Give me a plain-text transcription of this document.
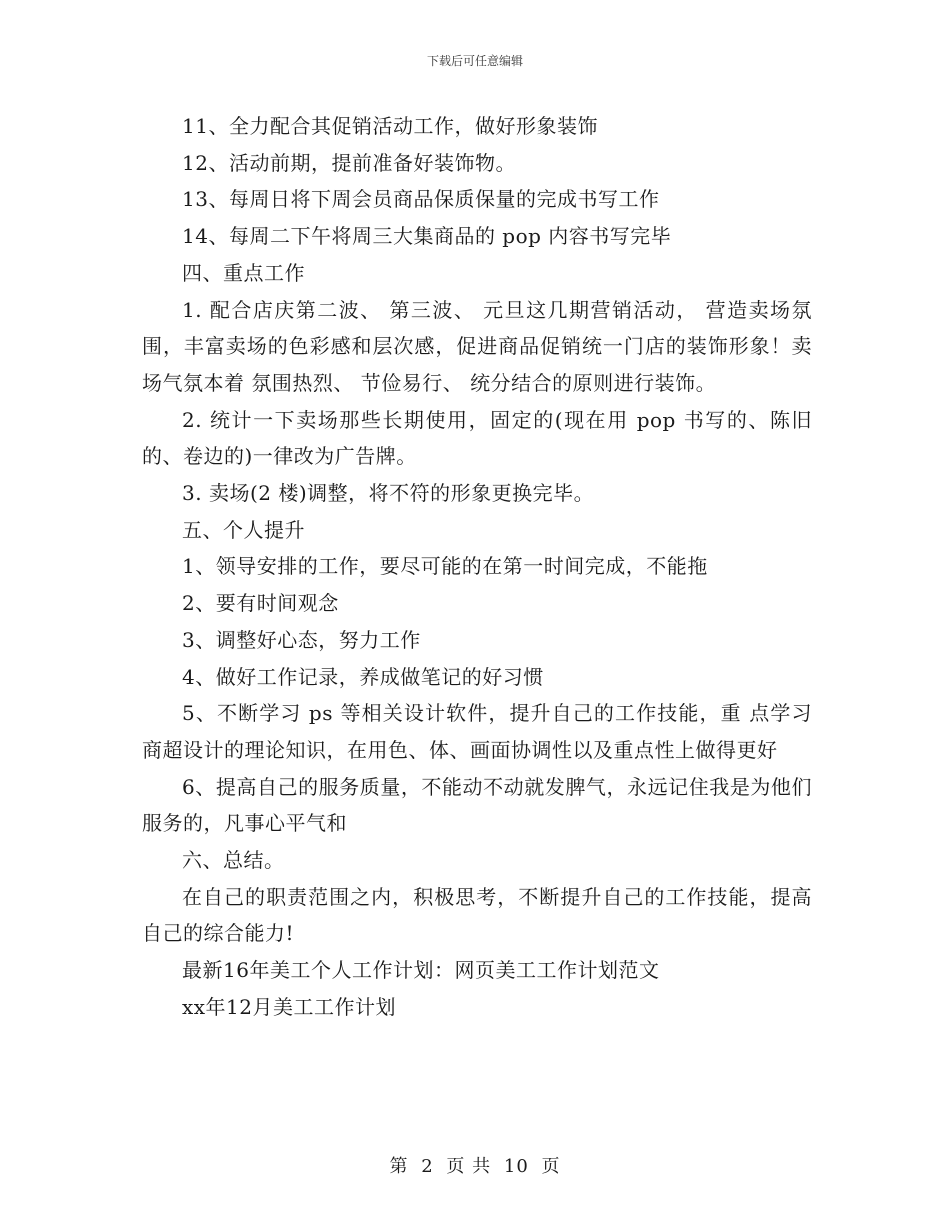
下载后可任意编辑

11、全力配合其促销活动工作，做好形象装饰

12、活动前期，提前准备好装饰物。

13、每周日将下周会员商品保质保量的完成书写工作

14、每周二下午将周三大集商品的 pop 内容书写完毕

四、重点工作

1. 配合店庆第二波、 第三波、 元旦这几期营销活动， 营造卖场氛围，丰富卖场的色彩感和层次感，促进商品促销统一门店的装饰形象！卖场气氛本着 氛围热烈、 节俭易行、 统分结合的原则进行装饰。

2. 统计一下卖场那些长期使用，固定的(现在用 pop 书写的、陈旧的、卷边的)一律改为广告牌。

3. 卖场(2 楼)调整，将不符的形象更换完毕。

五、个人提升

1、领导安排的工作，要尽可能的在第一时间完成，不能拖

2、要有时间观念

3、调整好心态，努力工作

4、做好工作记录，养成做笔记的好习惯

5、不断学习 ps 等相关设计软件，提升自己的工作技能，重 点学习商超设计的理论知识，在用色、体、画面协调性以及重点性上做得更好

6、提高自己的服务质量，不能动不动就发脾气，永远记住我是为他们服务的，凡事心平气和

六、总结。

在自己的职责范围之内，积极思考，不断提升自己的工作技能，提高自己的综合能力!

最新16年美工个人工作计划：网页美工工作计划范文

xx年12月美工工作计划

第 2 页 共 10 页
